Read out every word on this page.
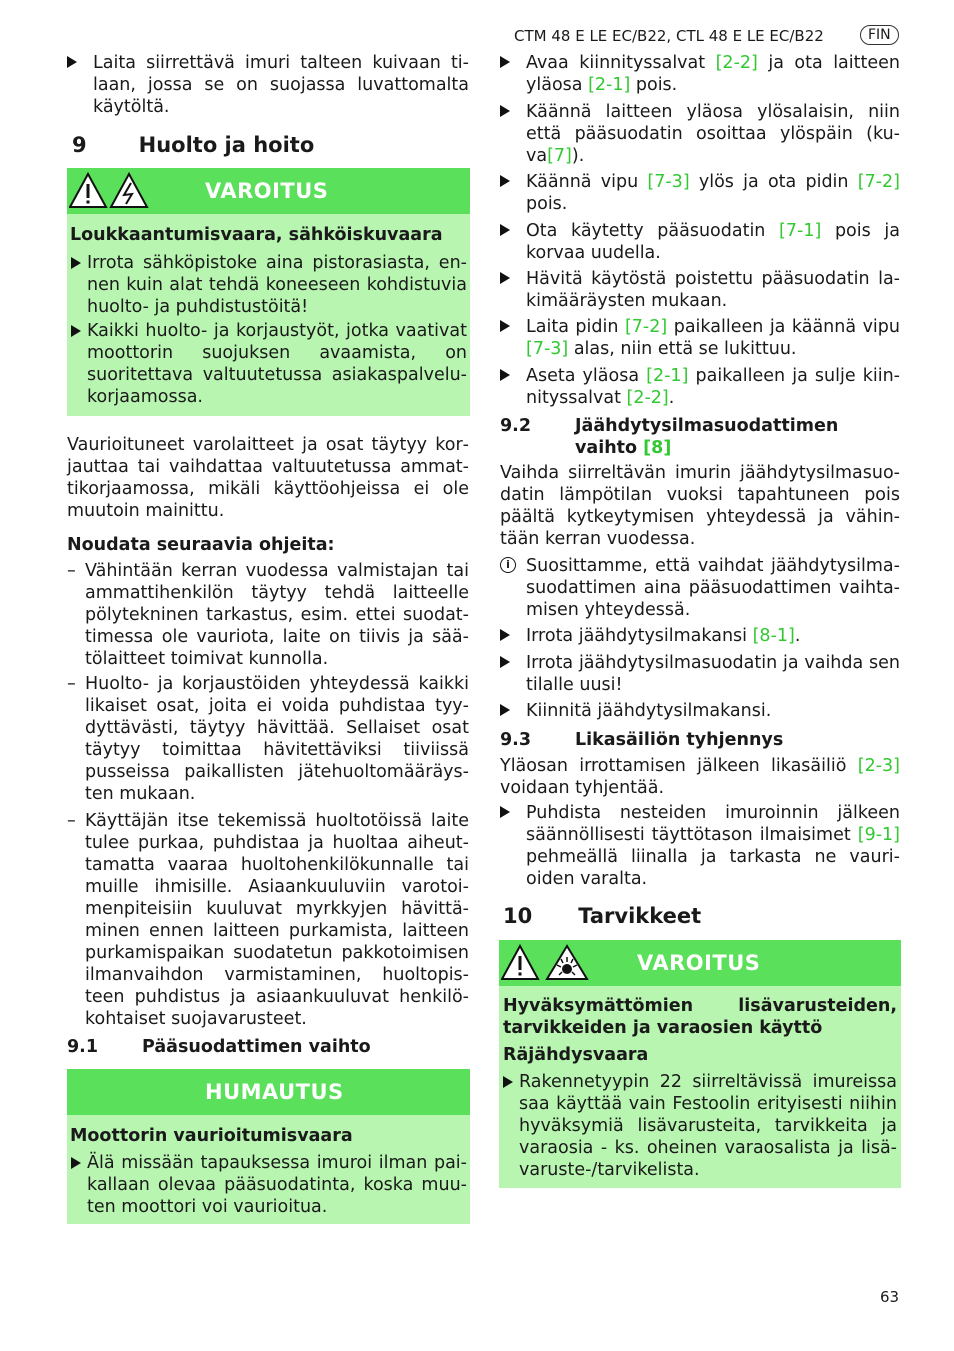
CTM 48 E LE EC/B22, CTL 48 E LE EC/B22	FIN
Laita siirrettävä imuri talteen kuivaan tilaan, jossa se on suojassa luvattomalta käytöltä.
9 Huolto ja hoito
VAROITUS
Loukkaantumisvaara, sähköiskuvaara
Irrota sähköpistoke aina pistorasiasta, ennen kuin alat tehdä koneeseen kohdistuvia huolto- ja puhdistustöitä!
Kaikki huolto- ja korjaustyöt, jotka vaativat moottorin suojuksen avaamista, on suoritettava valtuutetussa asiakaspalvelukorjaamossa.
Vaurioituneet varolaitteet ja osat täytyy korjauttaa tai vaihdattaa valtuutetussa ammattikorjaamossa, mikäli käyttöohjeissa ei ole muutoin mainittu.
Noudata seuraavia ohjeita:
– Vähintään kerran vuodessa valmistajan tai ammattihenkilön täytyy tehdä laitteelle pölytekninen tarkastus, esim. ettei suodattimessa ole vauriota, laite on tiivis ja säätölaitteet toimivat kunnolla.
– Huolto- ja korjaustöiden yhteydessä kaikki likaiset osat, joita ei voida puhdistaa tyydyttävästi, täytyy hävittää. Sellaiset osat täytyy toimittaa hävitettäviksi tiiviissä pusseissa paikallisten jätehuoltomääräysten mukaan.
– Käyttäjän itse tekemissä huoltotöissä laite tulee purkaa, puhdistaa ja huoltaa aiheuttamatta vaaraa huoltohenkilökunnalle tai muille ihmisille. Asiaankuuluviin varotoimenpiteisiin kuuluvat myrkkyjen hävittäminen ennen laitteen purkamista, laitteen purkamispaikan suodatetun pakkotoimisen ilmanvaihdon varmistaminen, huoltopisteen puhdistus ja asiaankuuluvat henkilökohtaiset suojavarusteet.
9.1	Pääsuodattimen vaihto
HUMAUTUS
Moottorin vaurioitumisvaara
Älä missään tapauksessa imuroi ilman paikallaan olevaa pääsuodatinta, koska muuten moottori voi vaurioitua.
Avaa kiinnityssalvat [2-2] ja ota laitteen yläosa [2-1] pois.
Käännä laitteen yläosa ylösalaisin, niin että pääsuodatin osoittaa ylöspäin (kuva[7]).
Käännä vipu [7-3] ylös ja ota pidin [7-2] pois.
Ota käytetty pääsuodatin [7-1] pois ja korvaa uudella.
Hävitä käytöstä poistettu pääsuodatin lakimääräysten mukaan.
Laita pidin [7-2] paikalleen ja käännä vipu [7-3] alas, niin että se lukittuu.
Aseta yläosa [2-1] paikalleen ja sulje kiinnityssalvat [2-2].
9.2	Jäähdytysilmasuodattimen vaihto [8]
Vaihda siirreltävän imurin jäähdytysilmasuodatin lämpötilan vuoksi tapahtuneen pois päältä kytkeytymisen yhteydessä ja vähintään kerran vuodessa.
i Suosittamme, että vaihdat jäähdytysilmasuodattimen aina pääsuodattimen vaihtamisen yhteydessä.
Irrota jäähdytysilmakansi [8-1].
Irrota jäähdytysilmasuodatin ja vaihda sen tilalle uusi!
Kiinnitä jäähdytysilmakansi.
9.3	Likasäiliön tyhjennys
Yläosan irrottamisen jälkeen likasäiliö [2-3] voidaan tyhjentää.
Puhdista nesteiden imuroinnin jälkeen säännöllisesti täyttötason ilmaisimet [9-1] pehmeällä liinalla ja tarkasta ne vaurioiden varalta.
10 Tarvikkeet
VAROITUS
Hyväksymättömien lisävarusteiden, tarvikkeiden ja varaosien käyttö
Räjähdysvaara
Rakennetyypin 22 siirreltävissä imureissa saa käyttää vain Festoolin erityisesti niihin hyväksymiä lisävarusteita, tarvikkeita ja varaosia - ks. oheinen varaosalista ja lisävaruste-/tarvikelista.
63
